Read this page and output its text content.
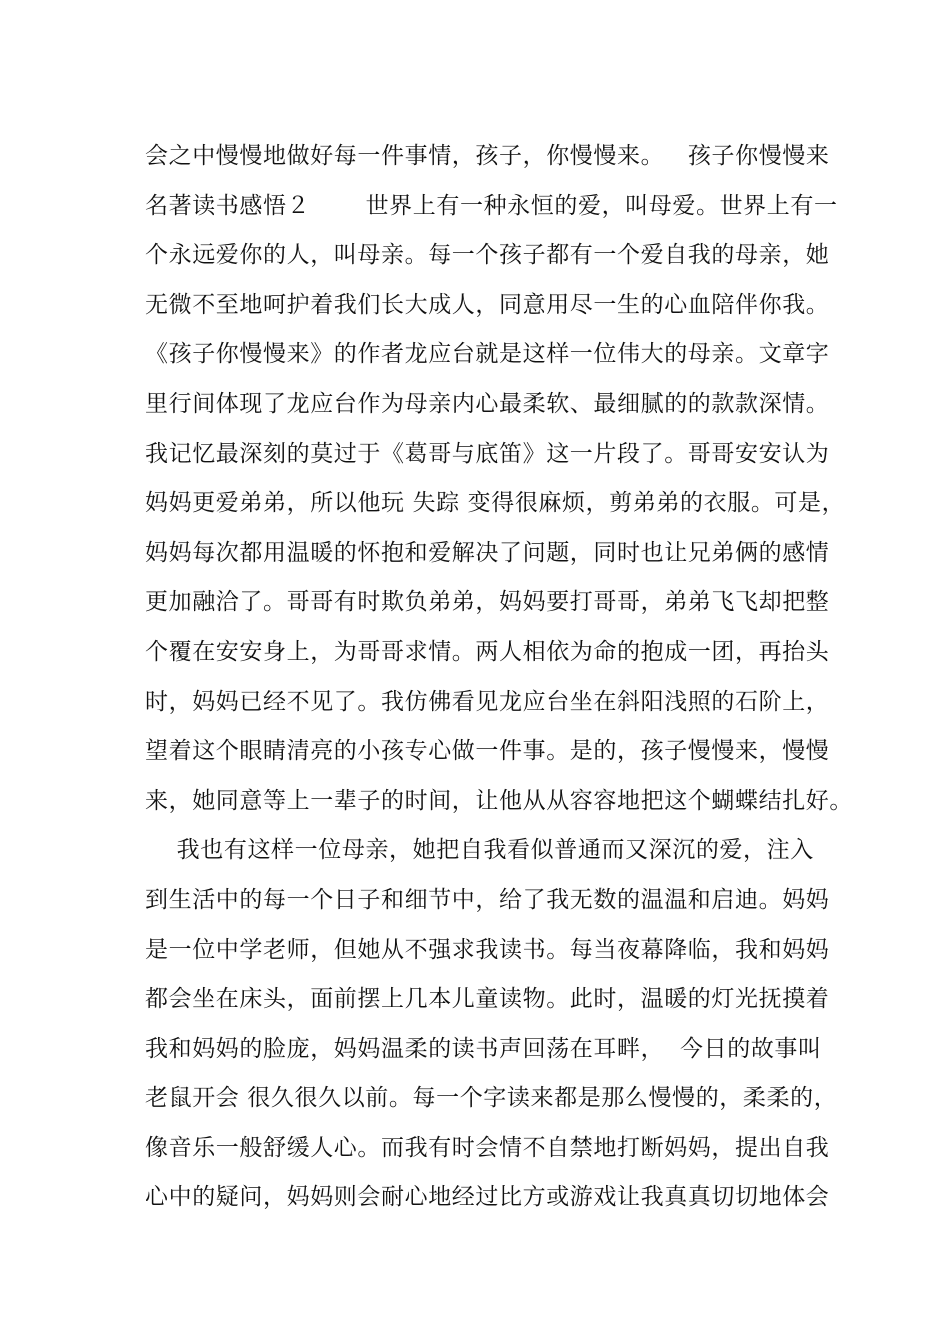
会之中慢慢地做好每一件事情，孩子，你慢慢来。   孩子你慢慢来
名著读书感悟２       世界上有一种永恒的爱，叫母爱。世界上有一
个永远爱你的人，叫母亲。每一个孩子都有一个爱自我的母亲，她
无微不至地呵护着我们长大成人，同意用尽一生的心血陪伴你我。
《孩子你慢慢来》的作者龙应台就是这样一位伟大的母亲。文章字
里行间体现了龙应台作为母亲内心最柔软、最细腻的的款款深情。
我记忆最深刻的莫过于《葛哥与底笛》这一片段了。哥哥安安认为
妈妈更爱弟弟，所以他玩 失踪 变得很麻烦，剪弟弟的衣服。可是，
妈妈每次都用温暖的怀抱和爱解决了问题，同时也让兄弟俩的感情
更加融洽了。哥哥有时欺负弟弟，妈妈要打哥哥，弟弟飞飞却把整
个覆在安安身上，为哥哥求情。两人相依为命的抱成一团，再抬头
时，妈妈已经不见了。我仿佛看见龙应台坐在斜阳浅照的石阶上，
望着这个眼睛清亮的小孩专心做一件事。是的，孩子慢慢来，慢慢
来，她同意等上一辈子的时间，让他从从容容地把这个蝴蝶结扎好。
我也有这样一位母亲，她把自我看似普通而又深沉的爱，注入
到生活中的每一个日子和细节中，给了我无数的温温和启迪。妈妈
是一位中学老师，但她从不强求我读书。每当夜幕降临，我和妈妈
都会坐在床头，面前摆上几本儿童读物。此时，温暖的灯光抚摸着
我和妈妈的脸庞，妈妈温柔的读书声回荡在耳畔，  今日的故事叫
老鼠开会 很久很久以前。每一个字读来都是那么慢慢的，柔柔的，
像音乐一般舒缓人心。而我有时会情不自禁地打断妈妈，提出自我
心中的疑问，妈妈则会耐心地经过比方或游戏让我真真切切地体会
